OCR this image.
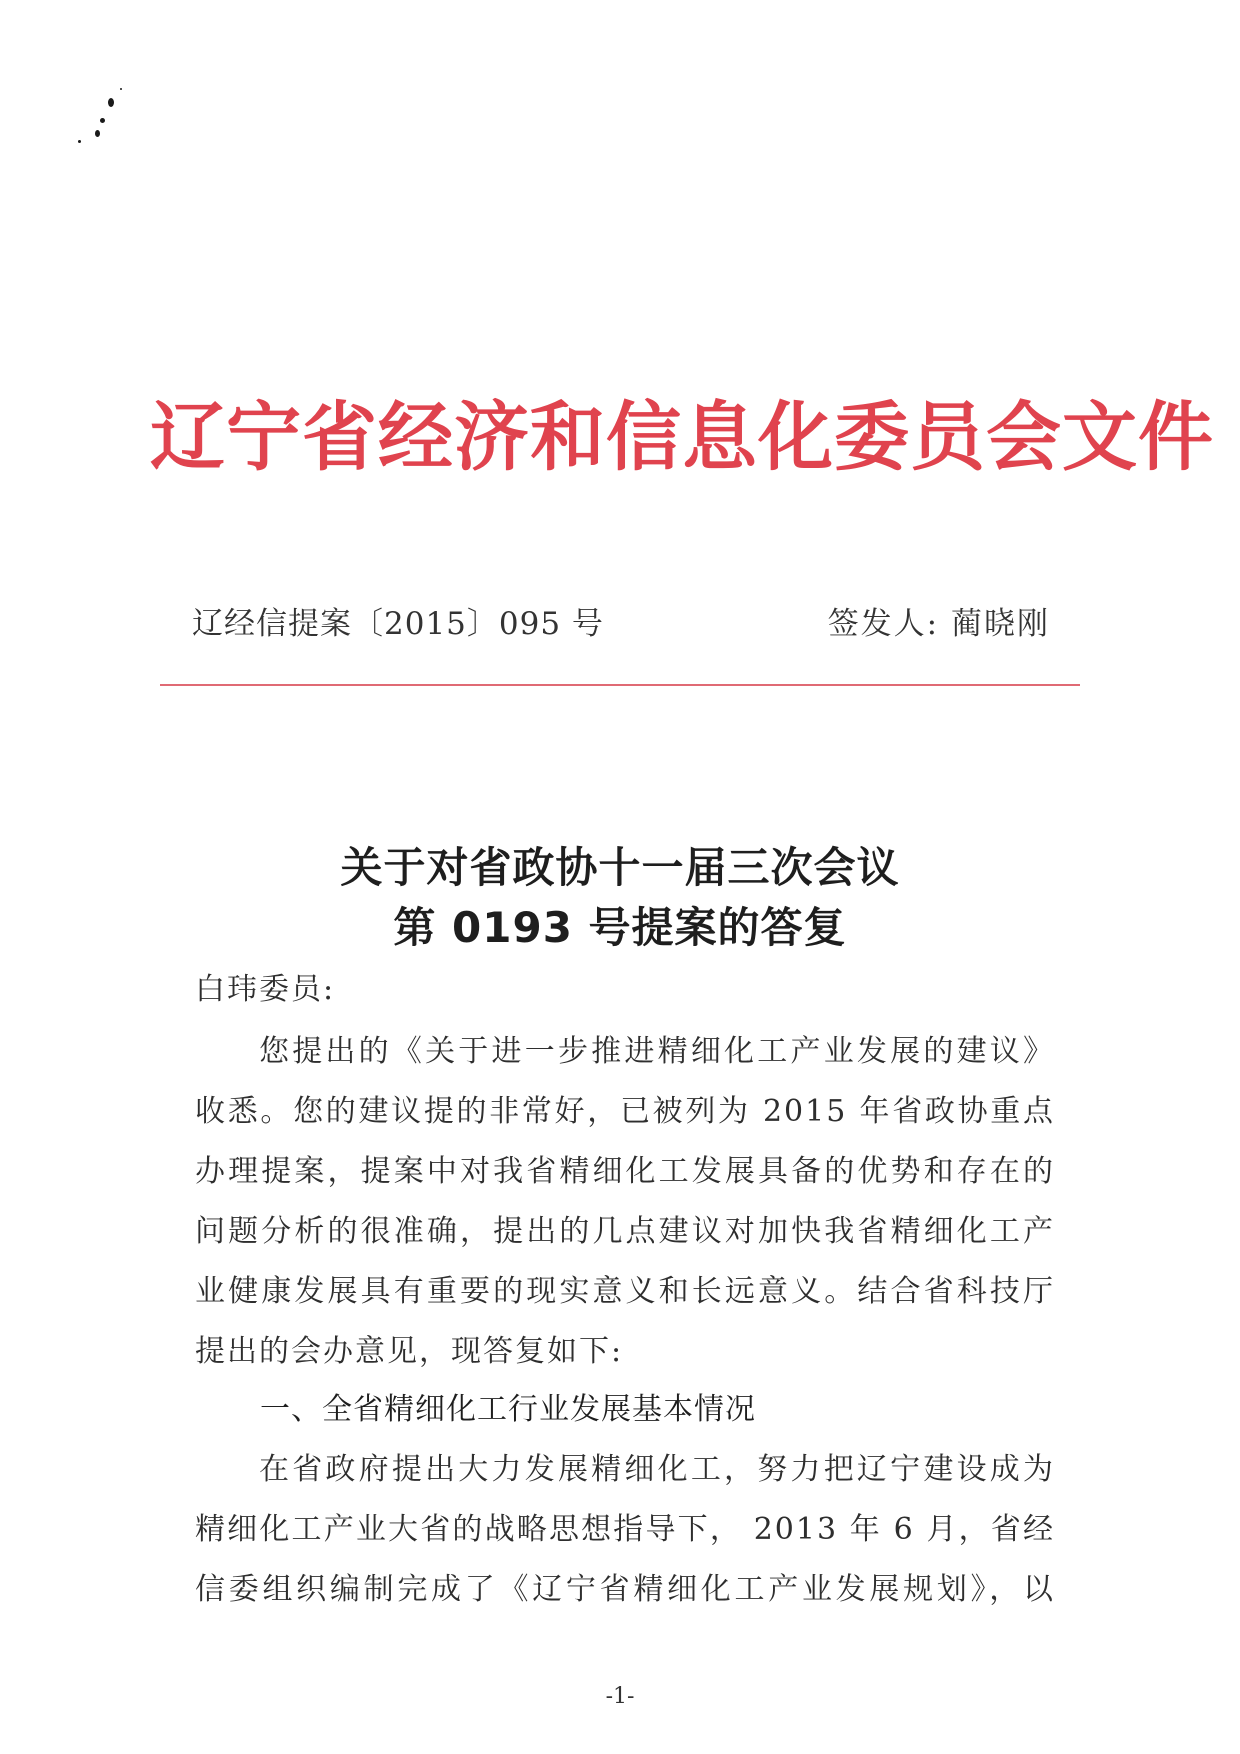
辽宁省经济和信息化委员会文件
辽经信提案〔2015〕095 号	签发人: 蔺晓刚
关于对省政协十一届三次会议
第 0193 号提案的答复
白玮委员:
您提出的《关于进一步推进精细化工产业发展的建议》收悉。您的建议提的非常好，已被列为 2015 年省政协重点办理提案，提案中对我省精细化工发展具备的优势和存在的问题分析的很准确，提出的几点建议对加快我省精细化工产业健康发展具有重要的现实意义和长远意义。结合省科技厅提出的会办意见，现答复如下:
一、全省精细化工行业发展基本情况
在省政府提出大力发展精细化工，努力把辽宁建设成为精细化工产业大省的战略思想指导下， 2013 年 6 月，省经信委组织编制完成了《辽宁省精细化工产业发展规划》，以
-1-
